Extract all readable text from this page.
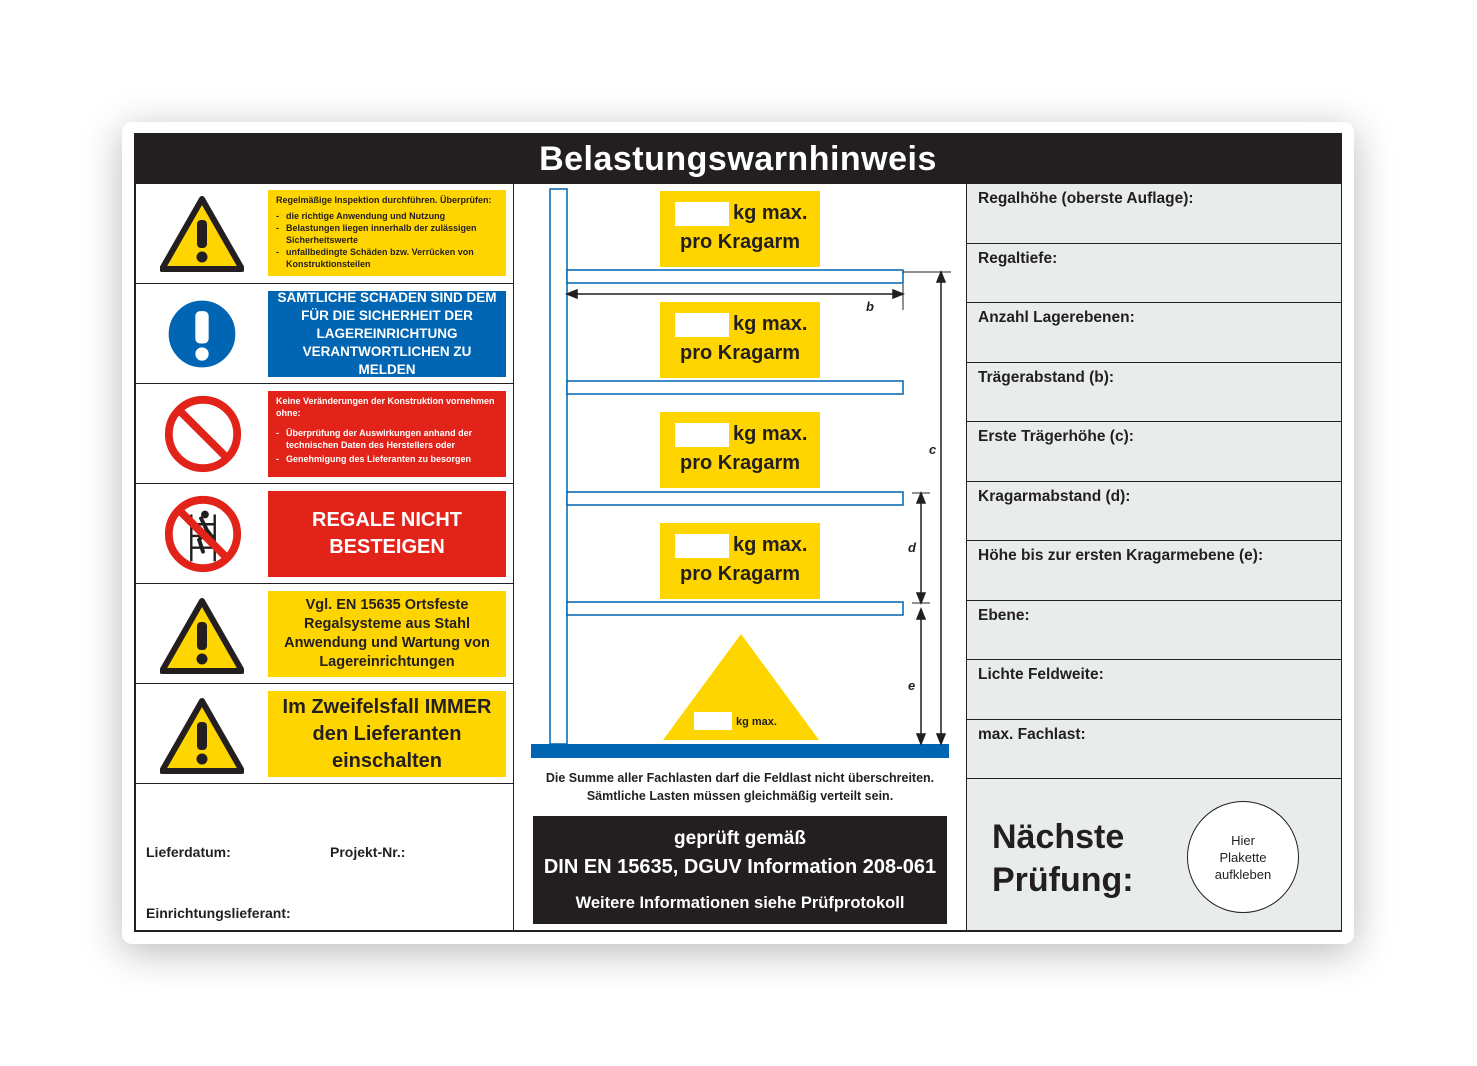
Belastungswarnhinweis
Regelmäßige Inspektion durchführen. Überprüfen:
- die richtige Anwendung und Nutzung
- Belastungen liegen innerhalb der zulässigen Sicherheitswerte
- unfallbedingte Schäden bzw. Verrücken von Konstruktionsteilen
SÄMTLICHE SCHÄDEN SIND DEM FÜR DIE SICHERHEIT DER LAGEREINRICHTUNG VERANTWORTLICHEN ZU MELDEN
Keine Veränderungen der Konstruktion vornehmen ohne:
- Überprüfung der Auswirkungen anhand der technischen Daten des Herstellers oder
- Genehmigung des Lieferanten zu besorgen
REGALE NICHT BESTEIGEN
Vgl. EN 15635 Ortsfeste Regalsysteme aus Stahl Anwendung und Wartung von Lagereinrichtungen
Im Zweifelsfall IMMER den Lieferanten einschalten
Lieferdatum:	Projekt-Nr.:
Einrichtungslieferant:
b
c
d
e
kg max.
kg max.
pro Kragarm
kg max.
pro Kragarm
kg max.
pro Kragarm
kg max.
pro Kragarm
Die Summe aller Fachlasten darf die Feldlast nicht überschreiten.
Sämtliche Lasten müssen gleichmäßig verteilt sein.
geprüft gemäß
DIN EN 15635, DGUV Information 208-061
Weitere Informationen siehe Prüfprotokoll
Regalhöhe (oberste Auflage):
Regaltiefe:
Anzahl Lagerebenen:
Trägerabstand (b):
Erste Trägerhöhe (c):
Kragarmabstand (d):
Höhe bis zur ersten Kragarmebene (e):
Ebene:
Lichte Feldweite:
max. Fachlast:
Nächste
Prüfung:
Hier Plakette aufkleben
